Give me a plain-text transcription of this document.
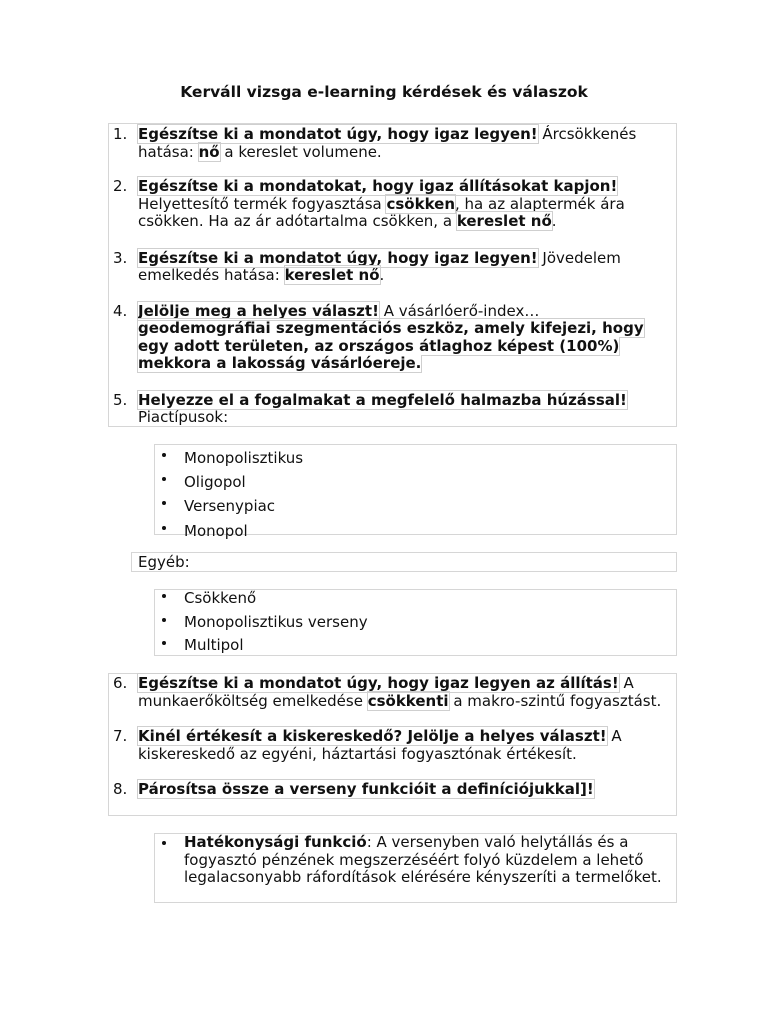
Kerváll vizsga e-learning kérdések és válaszok
1. Egészítse ki a mondatot úgy, hogy igaz legyen! Árcsökkenés hatása: nő a kereslet volumene.
2. Egészítse ki a mondatokat, hogy igaz állításokat kapjon! Helyettesítő termék fogyasztása csökken, ha az alaptermék ára csökken. Ha az ár adótartalma csökken, a kereslet nő.
3. Egészítse ki a mondatot úgy, hogy igaz legyen! Jövedelem emelkedés hatása: kereslet nő.
4. Jelölje meg a helyes választ! A vásárlóerő-index…
geodemográfiai szegmentációs eszköz, amely kifejezi, hogy egy adott területen, az országos átlaghoz képest (100%) mekkora a lakosság vásárlóereje.
5. Helyezze el a fogalmakat a megfelelő halmazba húzással!
Piactípusok:
Monopolisztikus
Oligopol
Versenypiac
Monopol
Egyéb:
Csökkenő
Monopolisztikus verseny
Multipol
6. Egészítse ki a mondatot úgy, hogy igaz legyen az állítás! A munkaerőköltség emelkedése csökkenti a makro-szintű fogyasztást.
7. Kinél értékesít a kiskereskedő? Jelölje a helyes választ! A kiskereskedő az egyéni, háztartási fogyasztónak értékesít.
8. Párosítsa össze a verseny funkcióit a definíciójukkal]!
Hatékonysági funkció: A versenyben való helytállás és a fogyasztó pénzének megszerzéséért folyó küzdelem a lehető legalacsonyabb ráfordítások elérésére kényszeríti a termelőket.
